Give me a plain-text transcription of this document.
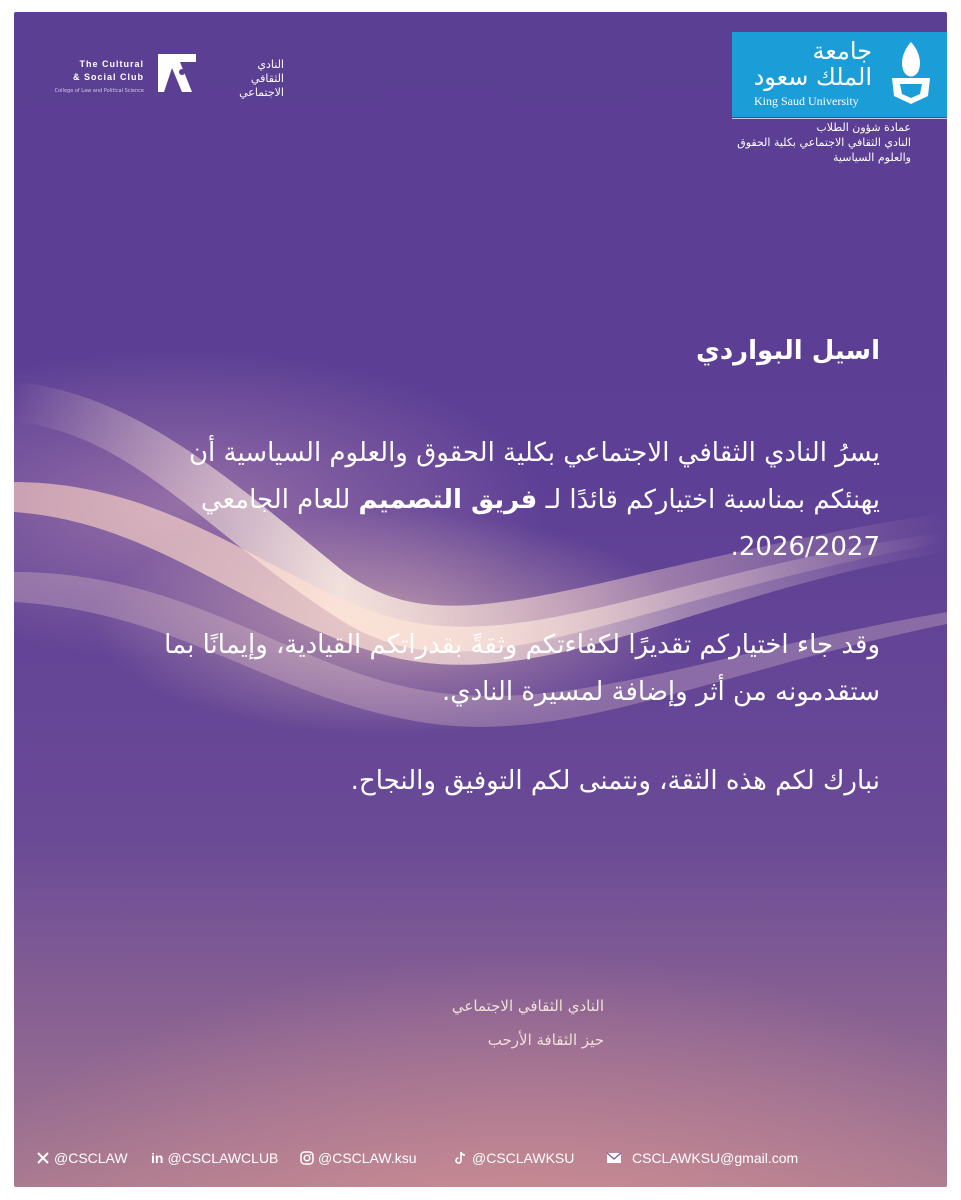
The Cultural
& Social Club
College of Law and Political Science
النادي
الثقافي الاجتماعي
جامعة
الملك سعود
King Saud University
عمادة شؤون الطلاب
النادي الثقافي الاجتماعي بكلية الحقوق
والعلوم السياسية
اسيل البواردي
يسرُ النادي الثقافي الاجتماعي بكلية الحقوق والعلوم السياسية أن يهنئكم بمناسبة اختياركم قائدًا لـ فريق التصميم للعام الجامعي 2026/2027.
وقد جاء اختياركم تقديرًا لكفاءتكم وثقةً بقدراتكم القيادية، وإيمانًا بما ستقدمونه من أثر وإضافة لمسيرة النادي.
نبارك لكم هذه الثقة، ونتمنى لكم التوفيق والنجاح.
النادي الثقافي الاجتماعي
حيز الثقافة الأرحب
@CSCLAW in @CSCLAWCLUB	@CSCLAW.ksu	@CSCLAWKSU	CSCLAWKSU@gmail.com
